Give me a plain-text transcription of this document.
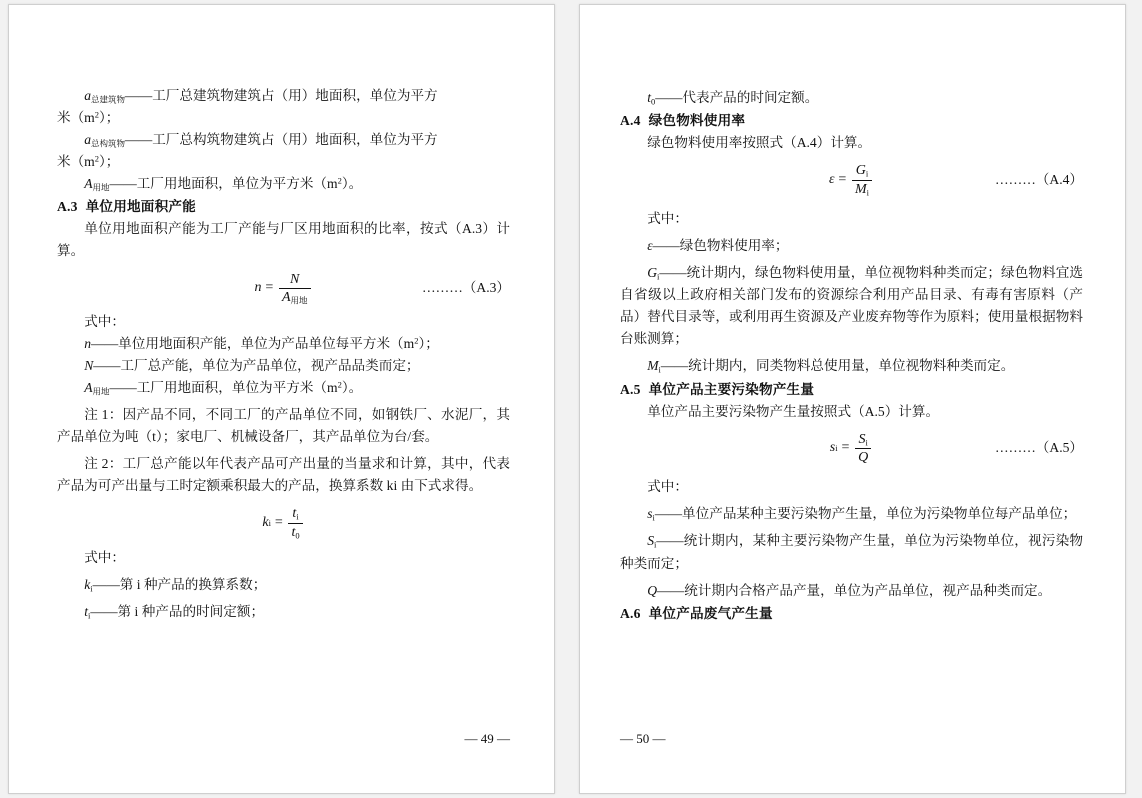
$a_{总建筑物}——$工厂总建筑物建筑占（用）地面积，单位为平方

米$(m^2)$；

$a_{总构筑物}——$工厂总构筑物建筑占（用）地面积，单位为平方

米$(m^2)$；

$A_{用地}——$工厂用地面积，单位为平方米$(m^2)$。

A.3 单位用地面积产能

单位用地面积产能为工厂产能与厂区用地面积的比率，按式（A.3）计算。

$n = \frac{N}{A_{用地}}$	………（A.3）

式中：

n——单位用地面积产能，单位为产品单位每平方米$(m^2)$；

N——工厂总产能，单位为产品单位，视产品品类而定；

$A_{用地}——$工厂用地面积，单位为平方米$(m^2)$。

注 1：因产品不同，不同工厂的产品单位不同，如钢铁厂、水泥厂，其产品单位为吨（t）；家电厂、机械设备厂，其产品单位为台/套。

注 2：工厂总产能以年代表产品可产出量的当量求和计算，其中，代表产品为可产出量与工时定额乘积最大的产品，换算系数 ki 由下式求得。

k $i = \frac{t_i}{t_0}$

式中：

$k_i——$第 i 种产品的换算系数；

$t_i——$第 i 种产品的时间定额；

— 49 —

$t_0——$代表产品的时间定额。

A.4 绿色物料使用率

绿色物料使用率按照式（A.4）计算。

$\varepsilon = \frac{G_i}{M_i}$	………（A.4）

式中：

ε——绿色物料使用率；

$G_i——$统计期内，绿色物料使用量，单位视物料种类而定；绿色物料宜选自省级以上政府相关部门发布的资源综合利用产品目录、有毒有害原料（产品）替代目录等，或利用再生资源及产业废弃物等作为原料；使用量根据物料台账测算；

$M_i——$统计期内，同类物料总使用量，单位视物料种类而定。

A.5 单位产品主要污染物产生量

单位产品主要污染物产生量按照式（A.5）计算。

s $i = \frac{S_i}{Q}$	………（A.5）

式中：

$s_i——$单位产品某种主要污染物产生量，单位为污染物单位每产品单位；

$S_i——$统计期内，某种主要污染物产生量，单位为污染物单位，视污染物种类而定；

Q——统计期内合格产品产量，单位为产品单位，视产品种类而定。

A.6 单位产品废气产生量

— 50 —
